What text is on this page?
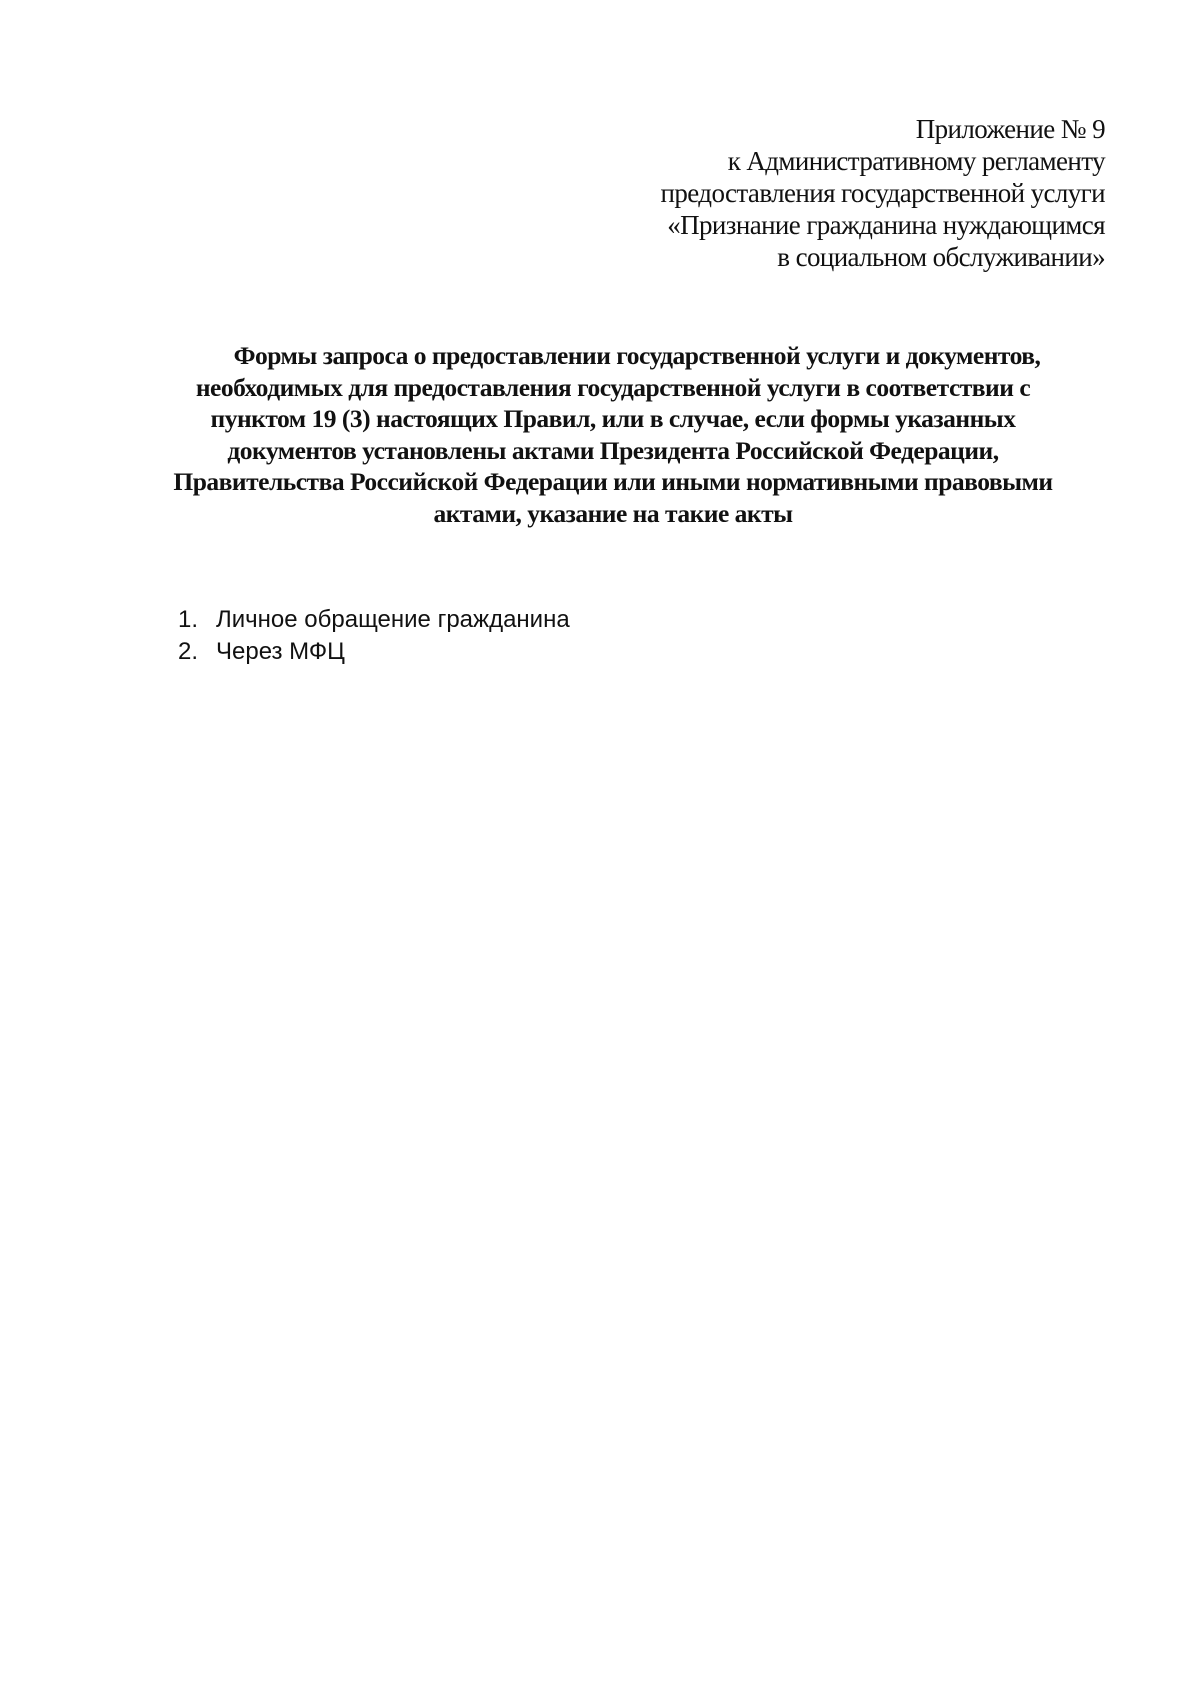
Приложение № 9
к Административному регламенту
предоставления государственной услуги
«Признание гражданина нуждающимся
в социальном обслуживании»
Формы запроса о предоставлении государственной услуги и документов,
необходимых для предоставления государственной услуги в соответствии с
пунктом 19 (3) настоящих Правил, или в случае, если формы указанных
документов установлены актами Президента Российской Федерации,
Правительства Российской Федерации или иными нормативными правовыми
актами, указание на такие акты
1. Личное обращение гражданина
2. Через МФЦ
